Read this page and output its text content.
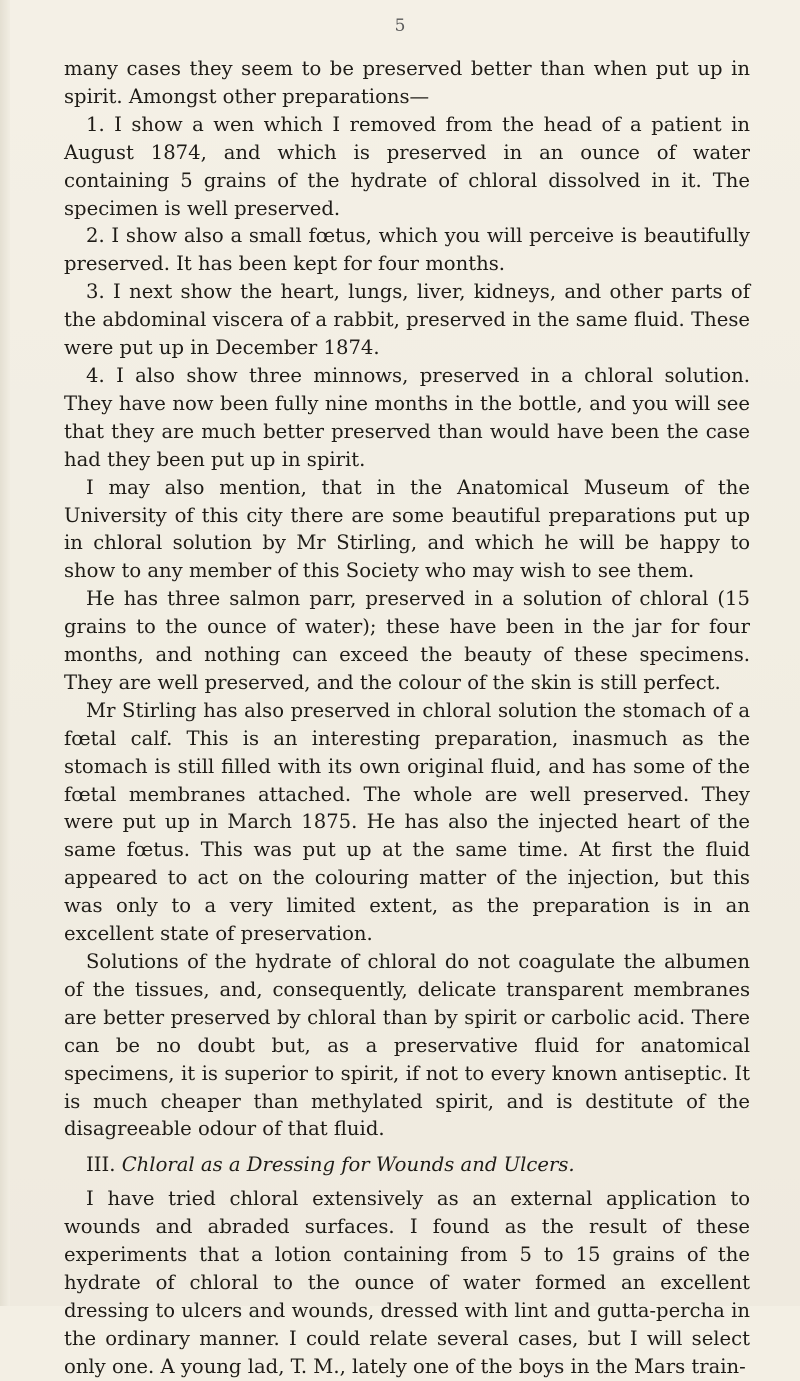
5

many cases they seem to be preserved better than when put up in spirit. Amongst other preparations—

1. I show a wen which I removed from the head of a patient in August 1874, and which is preserved in an ounce of water containing 5 grains of the hydrate of chloral dissolved in it. The specimen is well preserved.

2. I show also a small fœtus, which you will perceive is beautifully preserved. It has been kept for four months.

3. I next show the heart, lungs, liver, kidneys, and other parts of the abdominal viscera of a rabbit, preserved in the same fluid. These were put up in December 1874.

4. I also show three minnows, preserved in a chloral solution. They have now been fully nine months in the bottle, and you will see that they are much better preserved than would have been the case had they been put up in spirit.

I may also mention, that in the Anatomical Museum of the University of this city there are some beautiful preparations put up in chloral solution by Mr Stirling, and which he will be happy to show to any member of this Society who may wish to see them.

He has three salmon parr, preserved in a solution of chloral (15 grains to the ounce of water); these have been in the jar for four months, and nothing can exceed the beauty of these specimens. They are well preserved, and the colour of the skin is still perfect.

Mr Stirling has also preserved in chloral solution the stomach of a fœtal calf. This is an interesting preparation, inasmuch as the stomach is still filled with its own original fluid, and has some of the fœtal membranes attached. The whole are well preserved. They were put up in March 1875. He has also the injected heart of the same fœtus. This was put up at the same time. At first the fluid appeared to act on the colouring matter of the injection, but this was only to a very limited extent, as the preparation is in an excellent state of preservation.

Solutions of the hydrate of chloral do not coagulate the albumen of the tissues, and, consequently, delicate transparent membranes are better preserved by chloral than by spirit or carbolic acid. There can be no doubt but, as a preservative fluid for anatomical specimens, it is superior to spirit, if not to every known antiseptic. It is much cheaper than methylated spirit, and is destitute of the disagreeable odour of that fluid.

III. Chloral as a Dressing for Wounds and Ulcers.

I have tried chloral extensively as an external application to wounds and abraded surfaces. I found as the result of these experiments that a lotion containing from 5 to 15 grains of the hydrate of chloral to the ounce of water formed an excellent dressing to ulcers and wounds, dressed with lint and gutta-percha in the ordinary manner. I could relate several cases, but I will select only one. A young lad, T. M., lately one of the boys in the Mars train-
